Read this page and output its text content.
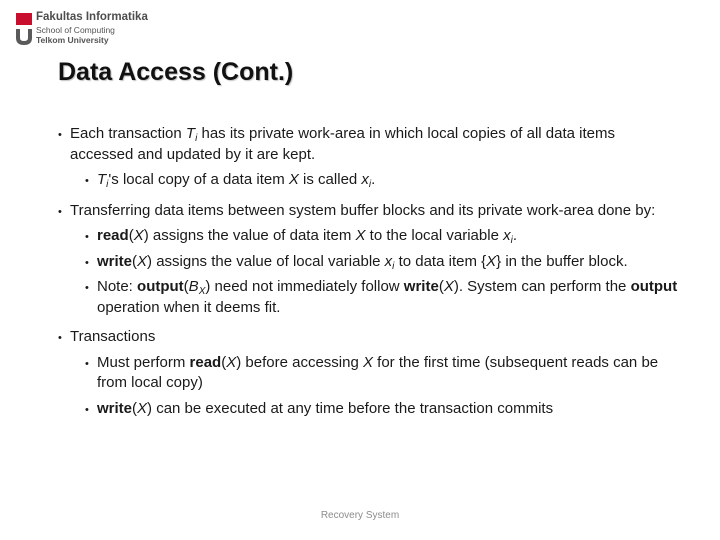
Fakultas Informatika
School of Computing
Telkom University
Data Access (Cont.)
• Each transaction $T_i$ has its private work-area in which local copies of all data items accessed and updated by it are kept.
• $T_i's$ local copy of a data item X is called $x_i$.
• Transferring data items between system buffer blocks and its private work-area done by:
• read(X) assigns the value of data item X to the local variable $x_i$.
• write(X) assigns the value of local variable $x_i$ to data item {X} in the buffer block.
• Note: $output(B_X)$ need not immediately follow write(X). System can perform the output operation when it deems fit.
• Transactions
• Must perform read(X) before accessing X for the first time (subsequent reads can be from local copy)
• write(X) can be executed at any time before the transaction commits
Recovery System
